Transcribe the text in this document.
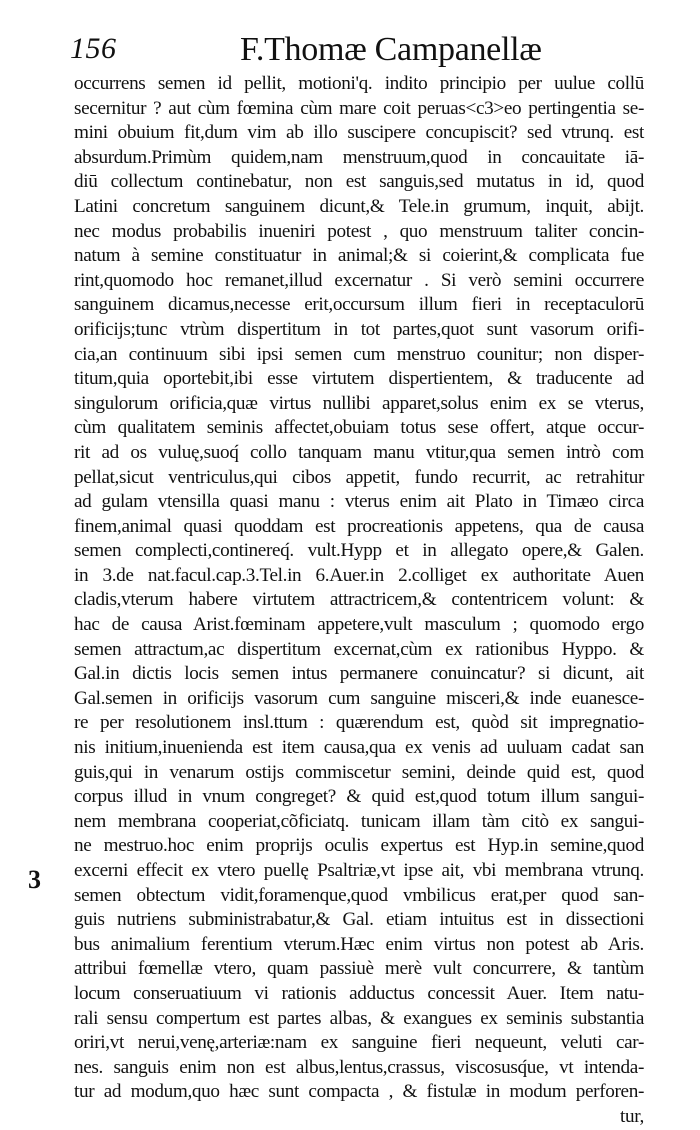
156	F.Thomæ Campanellæ
occurrens semen id pellit, motioni'q. indito principio per uulue collū
secernitur ? aut cùm fœmina cùm mare coit peruas<c3>eo pertingentia se-
mini obuium fit,dum vim ab illo suscipere concupiscit? sed vtrunq. est
absurdum.Primùm quidem,nam menstruum,quod in concauitate iā-
diū collectum continebatur, non est sanguis,sed mutatus in id, quod
Latini concretum sanguinem dicunt,& Tele.in grumum, inquit, abijt.
nec modus probabilis inueniri potest , quo menstruum taliter concin-
natum à semine constituatur in animal;& si coierint,& complicata fue
rint,quomodo hoc remanet,illud excernatur . Si verò semini occurrere
sanguinem dicamus,necesse erit,occursum illum fieri in receptaculorū
orificijs;tunc vtrùm dispertitum in tot partes,quot sunt vasorum orifi-
cia,an continuum sibi ipsi semen cum menstruo counitur; non disper-
titum,quia oportebit,ibi esse virtutem dispertientem, & traducente ad
singulorum orificia,quæ virtus nullibi apparet,solus enim ex se vterus,
cùm qualitatem seminis affectet,obuiam totus sese offert, atque occur-
rit ad os vuluę,suoq́ collo tanquam manu vtitur,qua semen intrò com
pellat,sicut ventriculus,qui cibos appetit, fundo recurrit, ac retrahitur
ad gulam vtensilla quasi manu : vterus enim ait Plato in Timæo circa
finem,animal quasi quoddam est procreationis appetens, qua de causa
semen complecti,continereq́. vult.Hypp et in allegato opere,& Galen.
in 3.de nat.facul.cap.3.Tel.in 6.Auer.in 2.colliget ex authoritate Auen
cladis,vterum habere virtutem attractricem,& contentricem volunt: &
hac de causa Arist.fœminam appetere,vult masculum ; quomodo ergo
semen attractum,ac dispertitum excernat,cùm ex rationibus Hyppo. &
Gal.in dictis locis semen intus permanere conuincatur? si dicunt, ait
Gal.semen in orificijs vasorum cum sanguine misceri,& inde euanesce-
re per resolutionem insl.ttum : quærendum est, quòd sit impregnatio-
nis initium,inuenienda est item causa,qua ex venis ad uuluam cadat san
guis,qui in venarum ostijs commiscetur semini, deinde quid est, quod
corpus illud in vnum congreget? & quid est,quod totum illum sangui-
nem membrana cooperiat,cõficiatq. tunicam illam tàm citò ex sangui-
ne mestruo.hoc enim proprijs oculis expertus est Hyp.in semine,quod
excerni effecit ex vtero puellę Psaltriæ,vt ipse ait, vbi membrana vtrunq.
semen obtectum vidit,foramenque,quod vmbilicus erat,per quod san-
guis nutriens subministrabatur,& Gal. etiam intuitus est in dissectioni
bus animalium ferentium vterum.Hæc enim virtus non potest ab Aris.
attribui fœmellæ vtero, quam passiuè merè vult concurrere, & tantùm
locum conseruatiuum vi rationis adductus concessit Auer. Item natu-
rali sensu compertum est partes albas, & exangues ex seminis substantia
oriri,vt nerui,venę,arteriæ:nam ex sanguine fieri nequeunt, veluti car-
nes. sanguis enim non est albus,lentus,crassus, viscosusq́ue, vt intenda-
tur ad modum,quo hæc sunt compacta , & fistulæ in modum perforen-
tur,
3
